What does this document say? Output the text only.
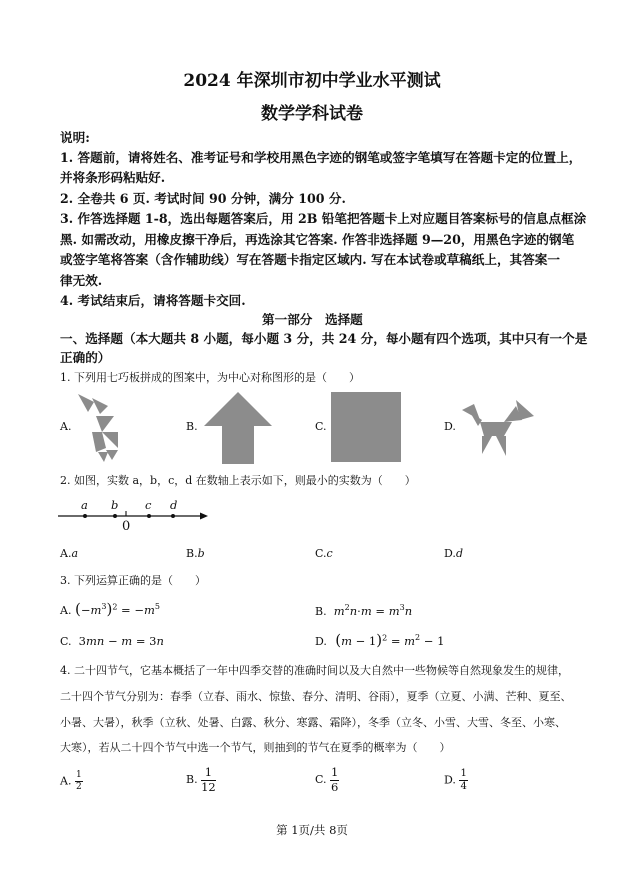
2024 年深圳市初中学业水平测试
数学学科试卷
说明:
1. 答题前，请将姓名、准考证号和学校用黑色字迹的钢笔或签字笔填写在答题卡定的位置上，
并将条形码粘贴好.
2. 全卷共 6 页. 考试时间 90 分钟，满分 100 分.
3. 作答选择题 1-8，选出每题答案后，用 2B 铅笔把答题卡上对应题目答案标号的信息点框涂
黑. 如需改动，用橡皮擦干净后，再选涂其它答案. 作答非选择题 9—20，用黑色字迹的钢笔
或签字笔将答案（含作辅助线）写在答题卡指定区域内. 写在本试卷或草稿纸上，其答案一
律无效.
4. 考试结束后，请将答题卡交回.
第一部分　选择题
一、选择题（本大题共 8 小题，每小题 3 分，共 24 分，每小题有四个选项，其中只有一个是
正确的）
1. 下列用七巧板拼成的图案中，为中心对称图形的是（　　）
A.	B.	C.	D.
2. 如图，实数 a，b，c，d 在数轴上表示如下，则最小的实数为（　　）
a b c d
0
A.a	B.b	C.c	D.d
3. 下列运算正确的是（　　）
A. $(-m^3)^2 = -m^5$	B. $m^2n\cdot m = m^3n$
C.  3mn − m = 3n	D.  $(m - 1)^2 = m^2 - 1$
4. 二十四节气，它基本概括了一年中四季交替的准确时间以及大自然中一些物候等自然现象发生的规律，
二十四个节气分别为：春季（立春、雨水、惊蛰、春分、清明、谷雨），夏季（立夏、小满、芒种、夏至、
小暑、大暑），秋季（立秋、处暑、白露、秋分、寒露、霜降），冬季（立冬、小雪、大雪、冬至、小寒、
大寒），若从二十四个节气中选一个节气，则抽到的节气在夏季的概率为（　　）
A. $\frac{1}{2}$	B. $\frac{1}{12}$	C. $\frac{1}{6}$	D. $\frac{1}{4}$
第 1页/共 8页
